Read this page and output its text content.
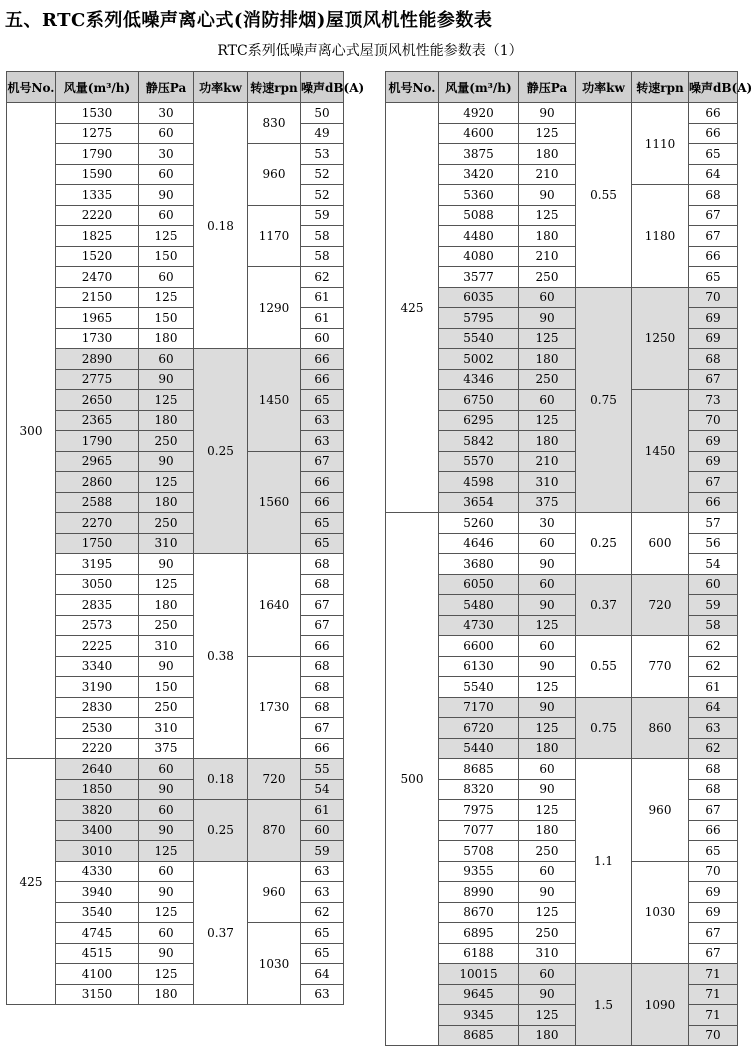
五、RTC系列低噪声离心式(消防排烟)屋顶风机性能参数表
RTC系列低噪声离心式屋顶风机性能参数表（1）
机号No.	风量(m³/h)	静压Pa	功率kw	转速rpn	噪声dB(A)
300	1530	30	0.18	830	50
	1275	60			49
	1790	30		960	53
	1590	60			52
	1335	90			52
	2220	60		1170	59
	1825	125			58
	1520	150			58
	2470	60		1290	62
	2150	125			61
	1965	150			61
	1730	180			60
	2890	60	0.25	1450	66
	2775	90			66
	2650	125			65
	2365	180			63
	1790	250			63
	2965	90		1560	67
	2860	125			66
	2588	180			66
	2270	250			65
	1750	310			65
	3195	90	0.38	1640	68
	3050	125			68
	2835	180			67
	2573	250			67
	2225	310			66
	3340	90		1730	68
	3190	150			68
	2830	250			68
	2530	310			67
	2220	375			66
425	2640	60	0.18	720	55
	1850	90			54
	3820	60	0.25	870	61
	3400	90			60
	3010	125			59
	4330	60	0.37	960	63
	3940	90			63
	3540	125			62
	4745	60		1030	65
	4515	90			65
	4100	125			64
	3150	180			63
机号No.	风量(m³/h)	静压Pa	功率kw	转速rpn	噪声dB(A)
425	4920	90	0.55	1110	66
	4600	125			66
	3875	180			65
	3420	210			64
	5360	90		1180	68
	5088	125			67
	4480	180			67
	4080	210			66
	3577	250			65
	6035	60	0.75	1250	70
	5795	90			69
	5540	125			69
	5002	180			68
	4346	250			67
	6750	60		1450	73
	6295	125			70
	5842	180			69
	5570	210			69
	4598	310			67
	3654	375			66
500	5260	30	0.25	600	57
	4646	60			56
	3680	90			54
	6050	60	0.37	720	60
	5480	90			59
	4730	125			58
	6600	60	0.55	770	62
	6130	90			62
	5540	125			61
	7170	90	0.75	860	64
	6720	125			63
	5440	180			62
	8685	60	1.1	960	68
	8320	90			68
	7975	125			67
	7077	180			66
	5708	250			65
	9355	60		1030	70
	8990	90			69
	8670	125			69
	6895	250			67
	6188	310			67
	10015	60	1.5	1090	71
	9645	90			71
	9345	125			71
	8685	180			70
